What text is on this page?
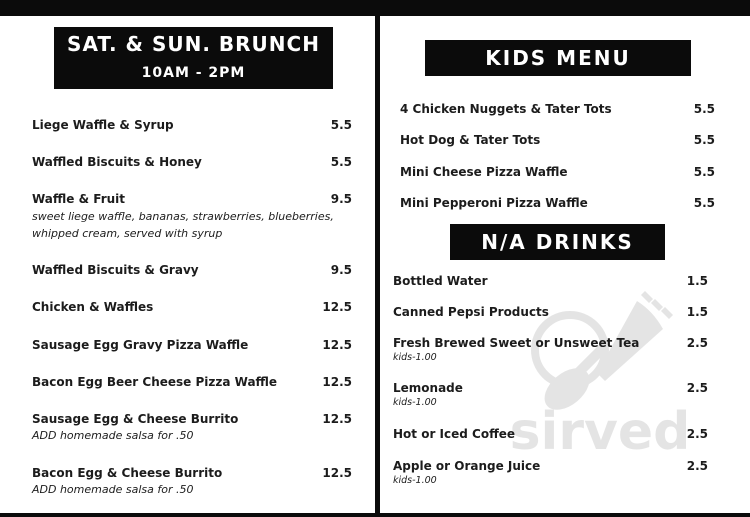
SAT. & SUN. BRUNCH
10AM - 2PM
Liege Waffle & Syrup	5.5
Waffled Biscuits & Honey	5.5
Waffle & Fruit	9.5
sweet liege waffle, bananas, strawberries, blueberries,
whipped cream, served with syrup
Waffled Biscuits & Gravy	9.5
Chicken & Waffles	12.5
Sausage Egg Gravy Pizza Waffle	12.5
Bacon Egg Beer Cheese Pizza Waffle	12.5
Sausage Egg & Cheese Burrito	12.5
ADD homemade salsa for .50
Bacon Egg & Cheese Burrito	12.5
ADD homemade salsa for .50
sirved
KIDS MENU
4 Chicken Nuggets & Tater Tots	5.5
Hot Dog & Tater Tots	5.5
Mini Cheese Pizza Waffle	5.5
Mini Pepperoni Pizza Waffle	5.5
N/A DRINKS
Bottled Water	1.5
Canned Pepsi Products	1.5
Fresh Brewed Sweet or Unsweet Tea	2.5
kids-1.00
Lemonade	2.5
kids-1.00
Hot or Iced Coffee	2.5
Apple or Orange Juice	2.5
kids-1.00
